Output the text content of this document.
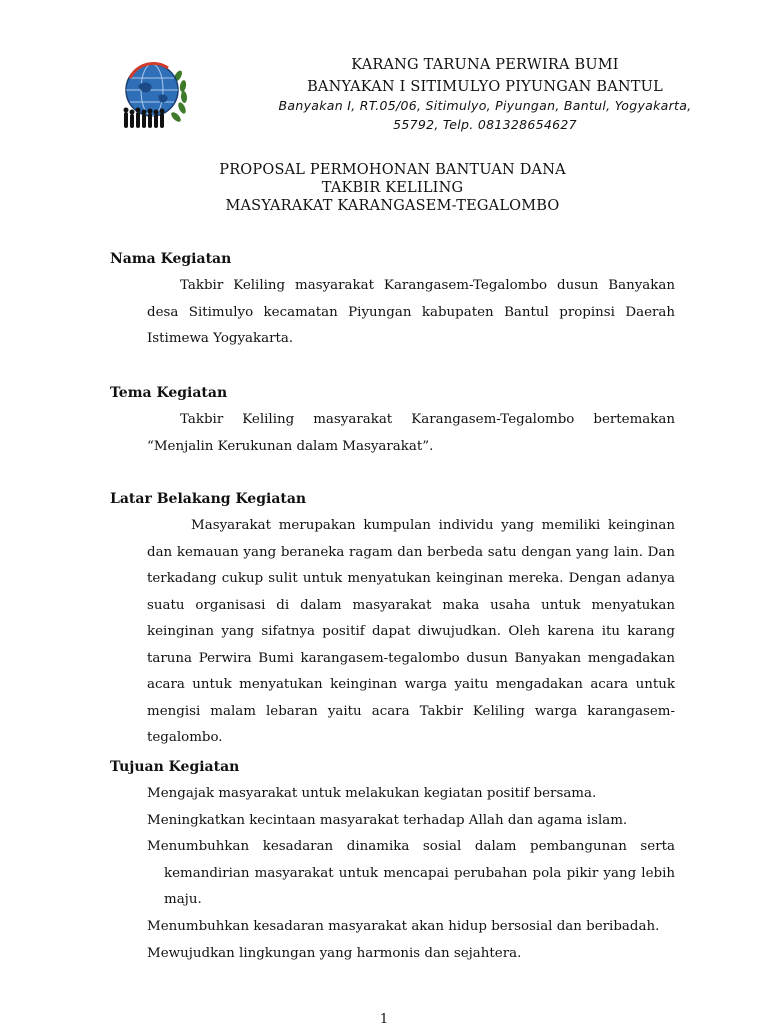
KARANG TARUNA PERWIRA BUMI
BANYAKAN I SITIMULYO PIYUNGAN BANTUL
Banyakan I, RT.05/06, Sitimulyo, Piyungan, Bantul, Yogyakarta,
55792, Telp. 081328654627
PROPOSAL PERMOHONAN BANTUAN DANA
TAKBIR KELILING
MASYARAKAT KARANGASEM-TEGALOMBO
Nama Kegiatan
Takbir Keliling masyarakat Karangasem-Tegalombo dusun Banyakan desa Sitimulyo kecamatan Piyungan kabupaten Bantul propinsi Daerah Istimewa Yogyakarta.
Tema Kegiatan
Takbir Keliling masyarakat Karangasem-Tegalombo bertemakan “Menjalin Kerukunan dalam Masyarakat”.
Latar Belakang Kegiatan
Masyarakat merupakan kumpulan individu yang memiliki keinginan dan kemauan yang beraneka ragam dan berbeda satu dengan yang lain. Dan terkadang cukup sulit untuk menyatukan keinginan mereka. Dengan adanya suatu organisasi di dalam masyarakat maka usaha untuk menyatukan keinginan yang sifatnya positif dapat diwujudkan. Oleh karena itu karang taruna Perwira Bumi karangasem-tegalombo dusun Banyakan mengadakan acara untuk menyatukan keinginan warga yaitu mengadakan acara untuk mengisi malam lebaran yaitu acara Takbir Keliling warga karangasem-tegalombo.
Tujuan Kegiatan
Mengajak masyarakat untuk melakukan kegiatan positif bersama.
Meningkatkan kecintaan masyarakat terhadap Allah dan agama islam.
Menumbuhkan kesadaran dinamika sosial dalam pembangunan serta kemandirian masyarakat untuk mencapai perubahan pola pikir yang lebih maju.
Menumbuhkan kesadaran masyarakat akan hidup bersosial dan beribadah.
Mewujudkan lingkungan yang harmonis dan sejahtera.
1
